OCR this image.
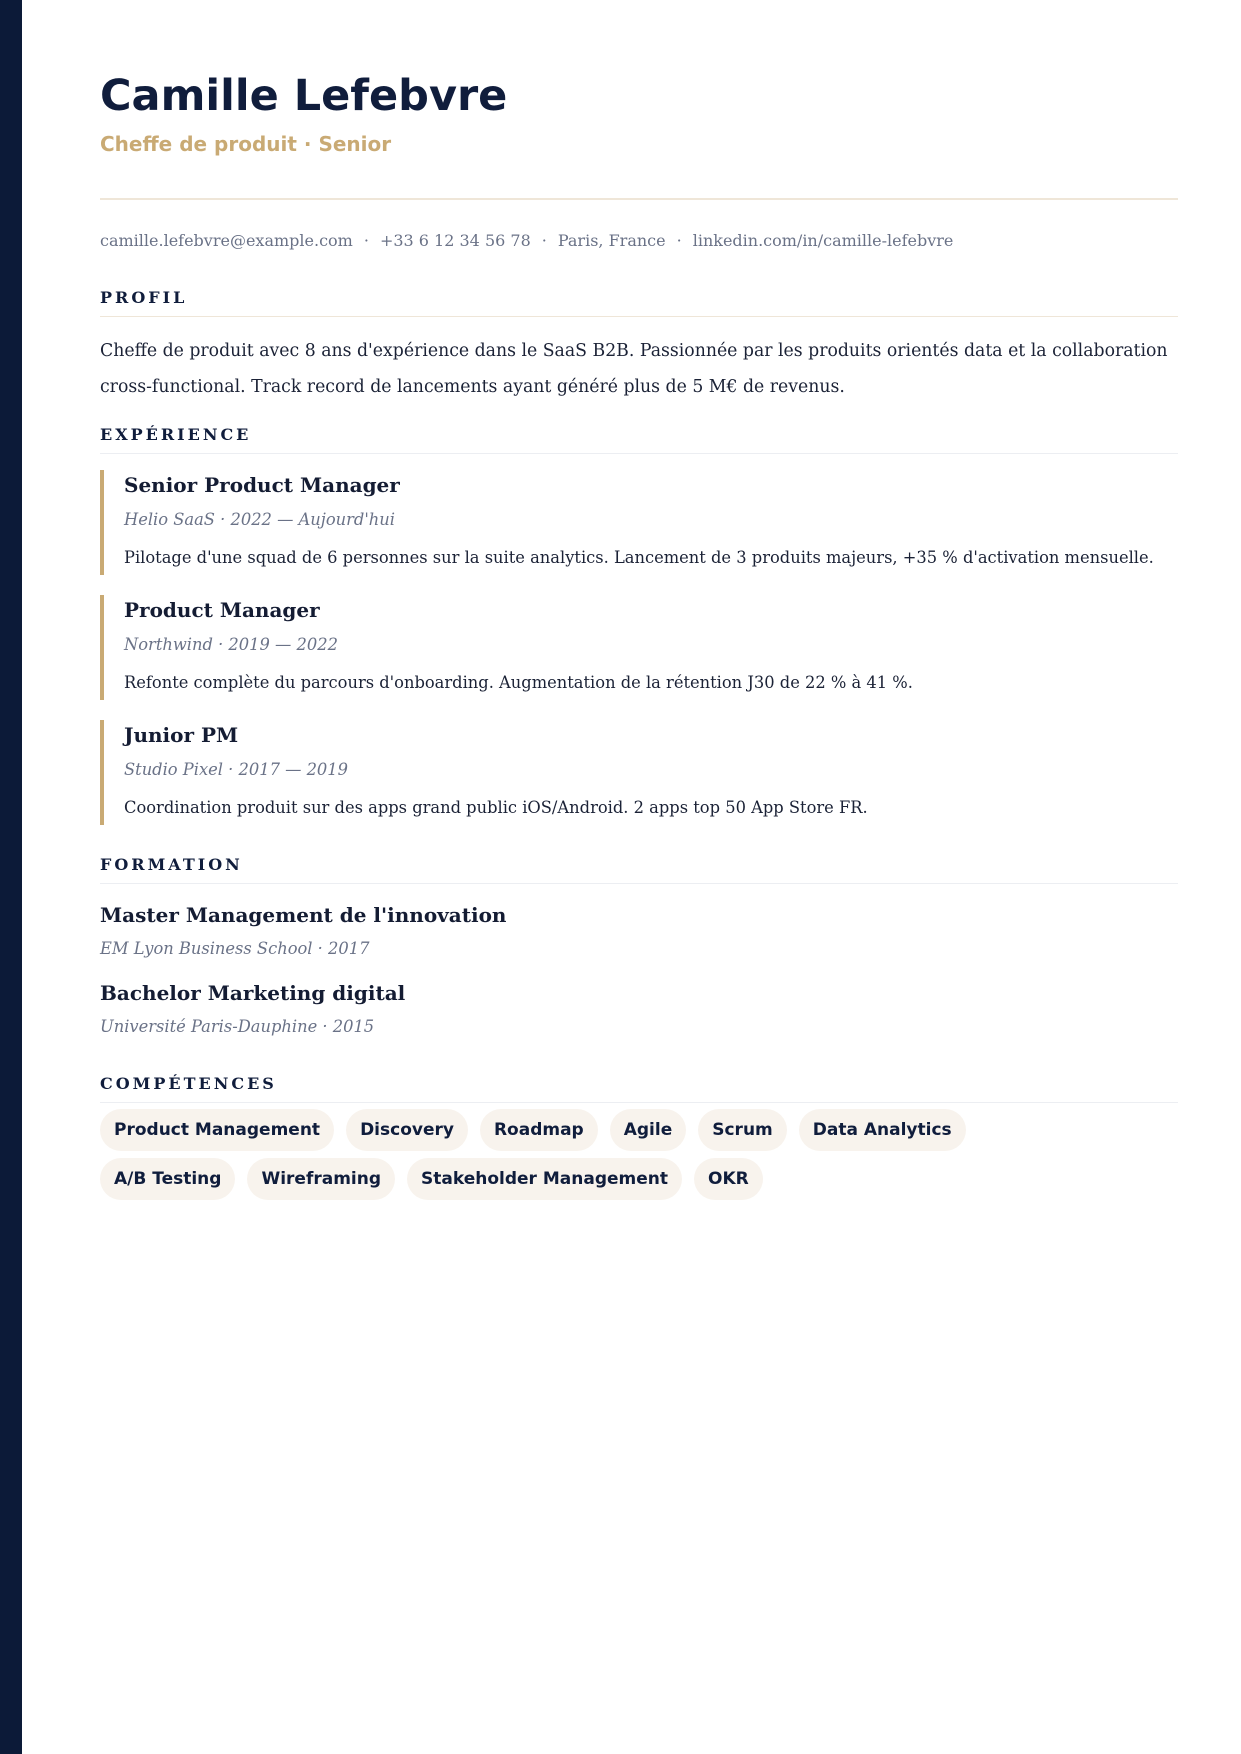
Camille Lefebvre
Cheffe de produit · Senior
camille.lefebvre@example.com · +33 6 12 34 56 78 · Paris, France · linkedin.com/in/camille-lefebvre
PROFIL
Cheffe de produit avec 8 ans d'expérience dans le SaaS B2B. Passionnée par les produits orientés data et la collaboration cross-functional. Track record de lancements ayant généré plus de 5 M€ de revenus.
EXPÉRIENCE
Senior Product Manager
Helio SaaS · 2022 — Aujourd'hui
Pilotage d'une squad de 6 personnes sur la suite analytics. Lancement de 3 produits majeurs, +35 % d'activation mensuelle.
Product Manager
Northwind · 2019 — 2022
Refonte complète du parcours d'onboarding. Augmentation de la rétention J30 de 22 % à 41 %.
Junior PM
Studio Pixel · 2017 — 2019
Coordination produit sur des apps grand public iOS/Android. 2 apps top 50 App Store FR.
FORMATION
Master Management de l'innovation
EM Lyon Business School · 2017
Bachelor Marketing digital
Université Paris-Dauphine · 2015
COMPÉTENCES
Product Management	Discovery	Roadmap	Agile	Scrum	Data Analytics
A/B Testing	Wireframing	Stakeholder Management	OKR
